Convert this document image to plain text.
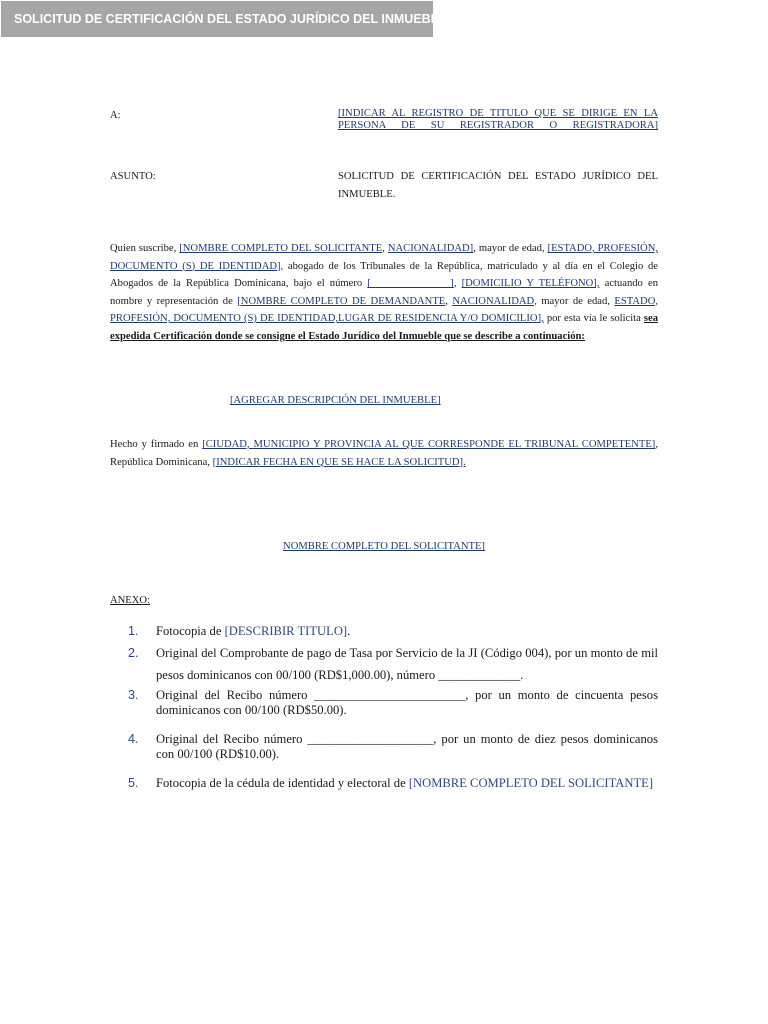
SOLICITUD DE CERTIFICACIÓN DEL ESTADO JURÍDICO DEL INMUEBLE
A:	[INDICAR AL REGISTRO DE TITULO QUE SE DIRIGE EN LA PERSONA DE SU REGISTRADOR O REGISTRADORA]
ASUNTO:	SOLICITUD DE CERTIFICACIÓN DEL ESTADO JURÍDICO DEL INMUEBLE.
Quien suscribe, [NOMBRE COMPLETO DEL SOLICITANTE, NACIONALIDAD], mayor de edad, [ESTADO, PROFESIÓN, DOCUMENTO (S) DE IDENTIDAD], abogado de los Tribunales de la República, matriculado y al día en el Colegio de Abogados de la República Dominicana, bajo el número [_______________], [DOMICILIO Y TELÉFONO], actuando en nombre y representación de [NOMBRE COMPLETO DE DEMANDANTE, NACIONALIDAD, mayor de edad, ESTADO, PROFESIÓN, DOCUMENTO (S) DE IDENTIDAD,LUGAR DE RESIDENCIA Y/O DOMICILIO], por esta vía le solicita sea expedida Certificación donde se consigne el Estado Jurídico del Inmueble que se describe a continuación:
[AGREGAR DESCRIPCIÓN DEL INMUEBLE]
Hecho y firmado en [CIUDAD, MUNICIPIO Y PROVINCIA AL QUE CORRESPONDE EL TRIBUNAL COMPETENTE], República Dominicana, [INDICAR FECHA EN QUE SE HACE LA SOLICITUD].
NOMBRE COMPLETO DEL SOLICITANTE]
ANEXO:
1. Fotocopia de [DESCRIBIR TITULO].
2. Original del Comprobante de pago de Tasa por Servicio de la JI (Código 004), por un monto de mil pesos dominicanos con 00/100 (RD$1,000.00), número _____________.
3. Original del Recibo número ________________________, por un monto de cincuenta pesos dominicanos con 00/100 (RD$50.00).
4. Original del Recibo número ____________________, por un monto de diez pesos dominicanos con 00/100 (RD$10.00).
5. Fotocopia de la cédula de identidad y electoral de [NOMBRE COMPLETO DEL SOLICITANTE]
